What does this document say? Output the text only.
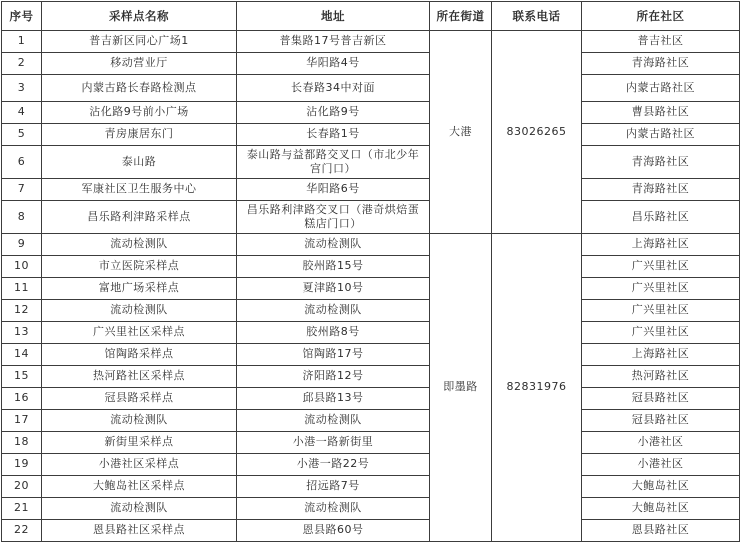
序号	采样点名称	地址	所在街道	联系电话	所在社区
1	普吉新区同心广场1	普集路17号普吉新区	大港	83026265	普吉社区
2	移动营业厅	华阳路4号			青海路社区
3	内蒙古路长春路检测点	长春路34中对面			内蒙古路社区
4	沾化路9号前小广场	沾化路9号			曹县路社区
5	青房康居东门	长春路1号			内蒙古路社区
6	泰山路	泰山路与益都路交叉口（市北少年宫门口）			青海路社区
7	军康社区卫生服务中心	华阳路6号			青海路社区
8	昌乐路利津路采样点	昌乐路利津路交叉口（港奇烘焙蛋糕店门口）			昌乐路社区
9	流动检测队	流动检测队	即墨路	82831976	上海路社区
10	市立医院采样点	胶州路15号			广兴里社区
11	富地广场采样点	夏津路10号			广兴里社区
12	流动检测队	流动检测队			广兴里社区
13	广兴里社区采样点	胶州路8号			广兴里社区
14	馆陶路采样点	馆陶路17号			上海路社区
15	热河路社区采样点	济阳路12号			热河路社区
16	冠县路采样点	邱县路13号			冠县路社区
17	流动检测队	流动检测队			冠县路社区
18	新街里采样点	小港一路新街里			小港社区
19	小港社区采样点	小港一路22号			小港社区
20	大鲍岛社区采样点	招远路7号			大鲍岛社区
21	流动检测队	流动检测队			大鲍岛社区
22	恩县路社区采样点	恩县路60号			恩县路社区
